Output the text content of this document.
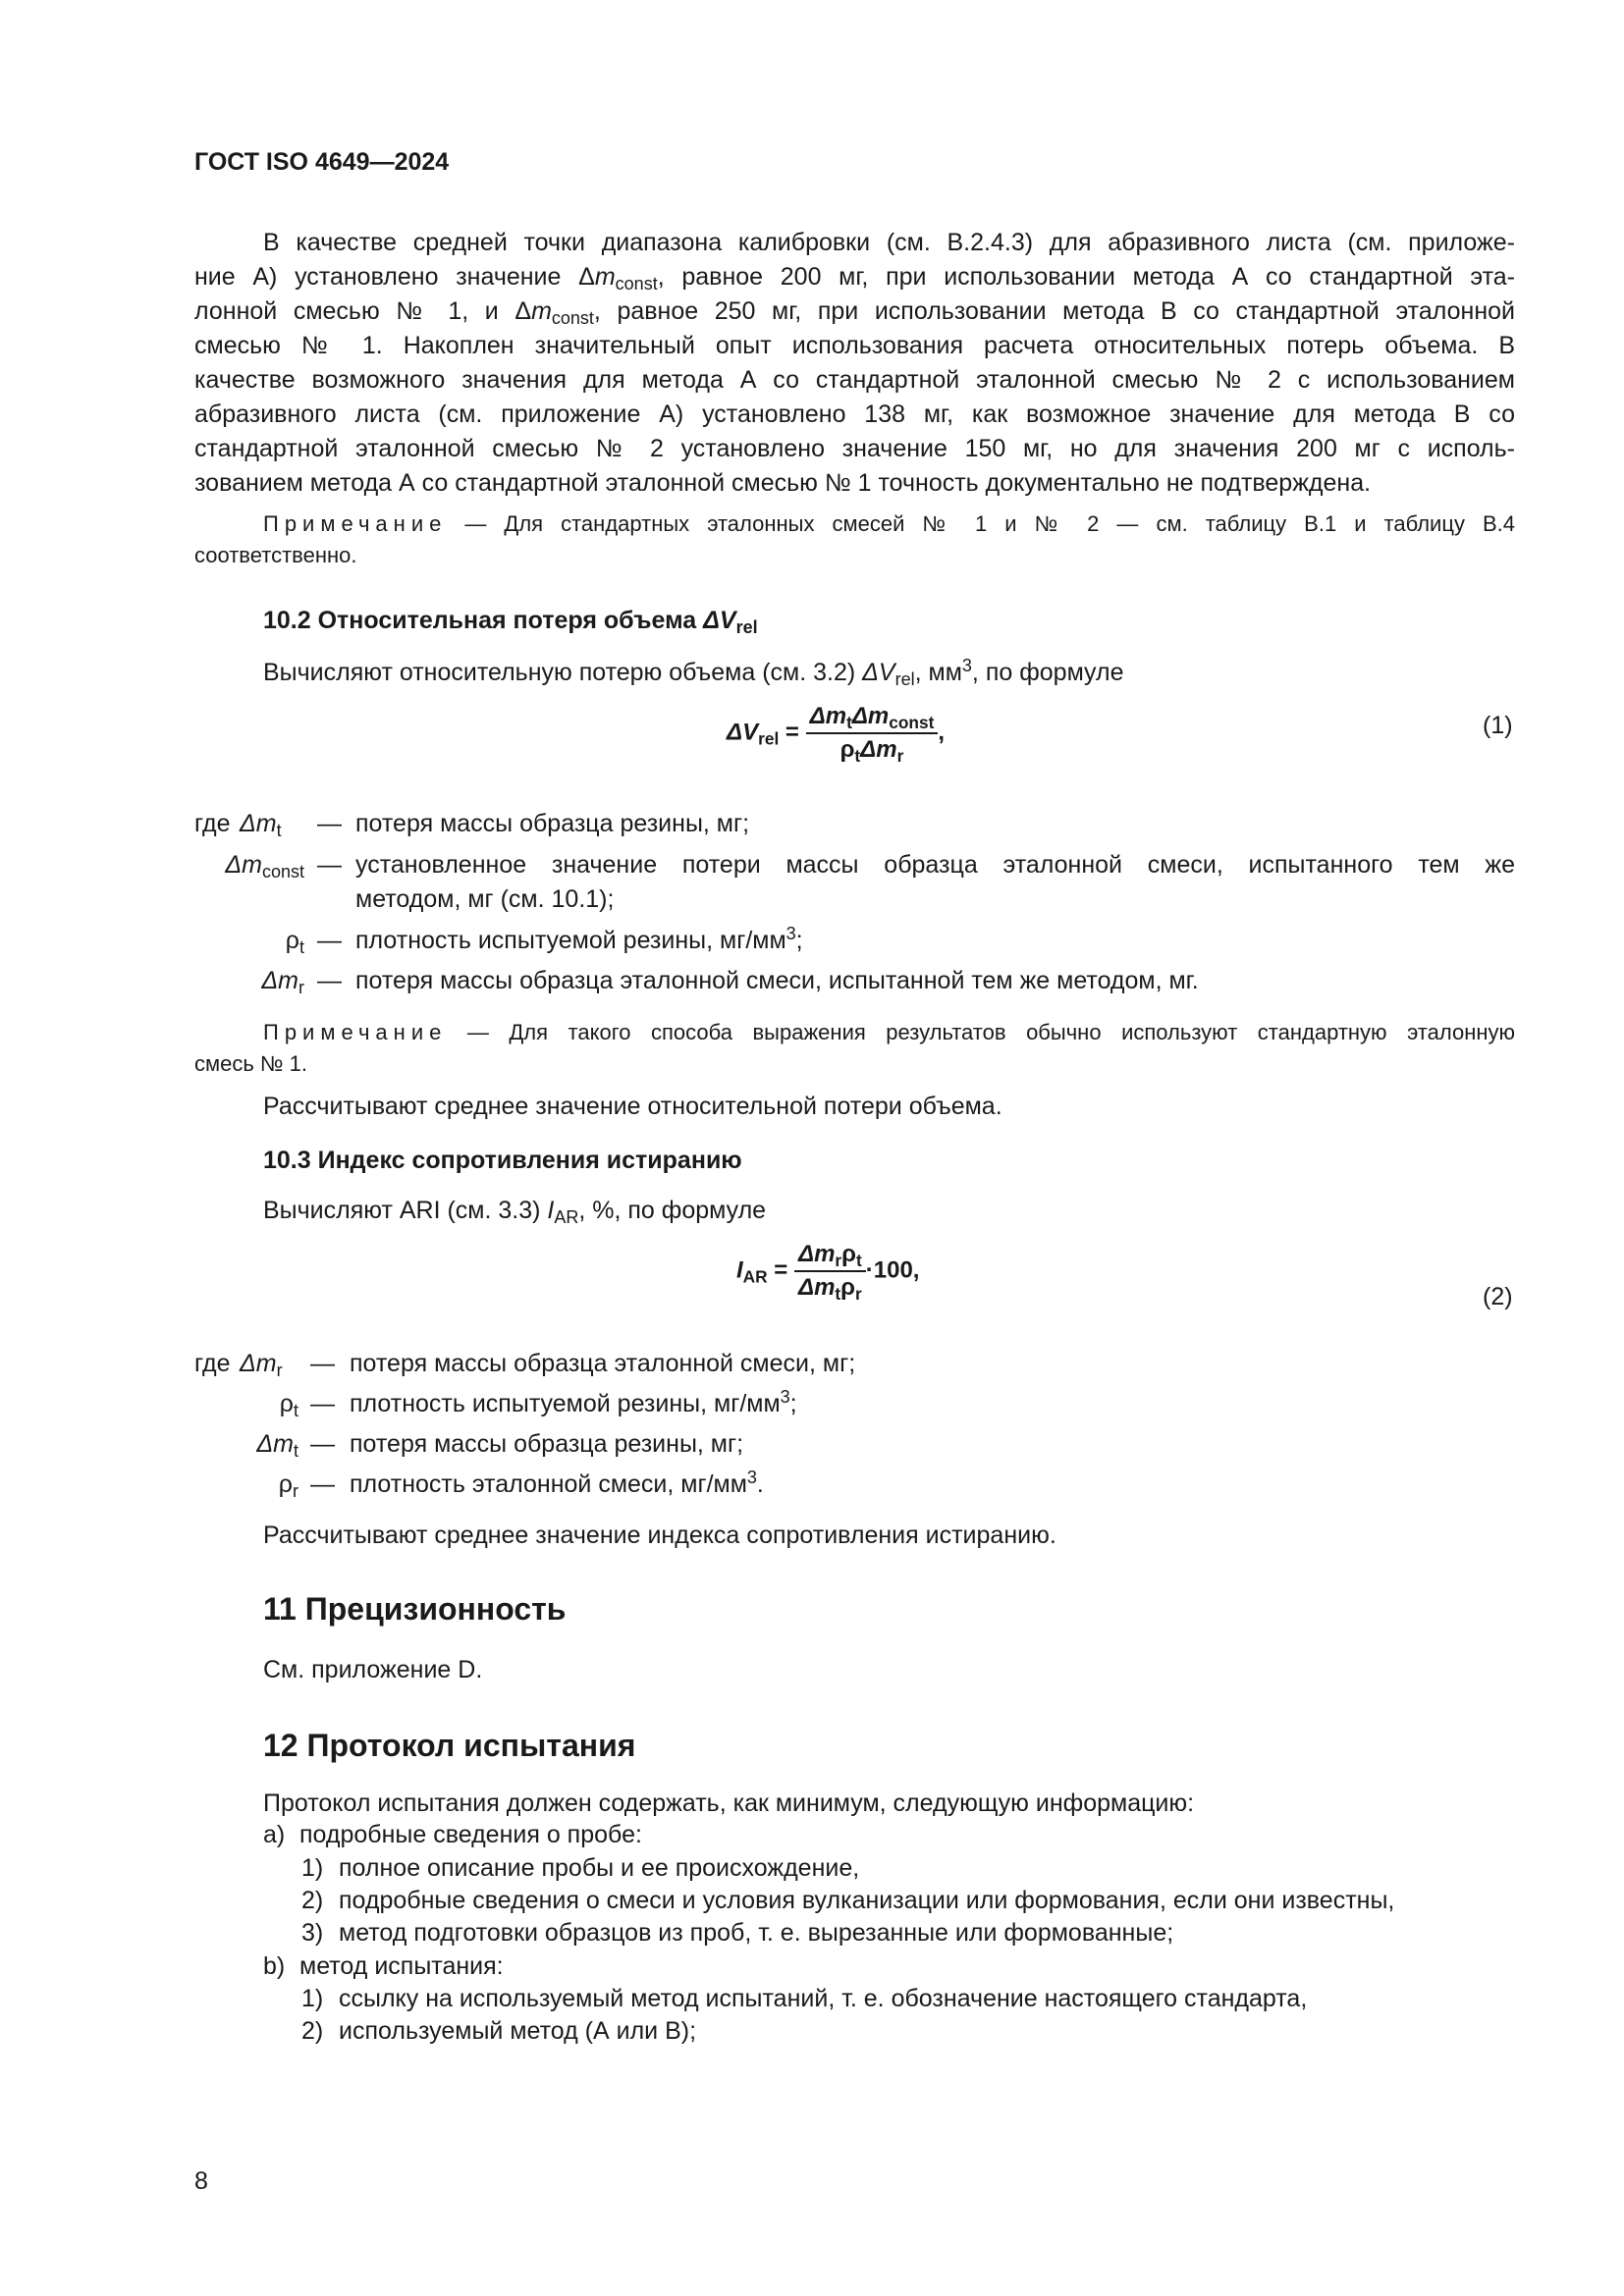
ГОСТ ISO 4649—2024
В качестве средней точки диапазона калибровки (см. В.2.4.3) для абразивного листа (см. приложе-
ние А) установлено значение $\Delta m_{const}$, равное 200 мг, при использовании метода А со стандартной эта-
лонной смесью № 1, и $\Delta m_{const}$, равное 250 мг, при использовании метода В со стандартной эталонной
смесью № 1. Накоплен значительный опыт использования расчета относительных потерь объема. В
качестве возможного значения для метода А со стандартной эталонной смесью № 2 с использованием
абразивного листа (см. приложение А) установлено 138 мг, как возможное значение для метода В со
стандартной эталонной смесью № 2 установлено значение 150 мг, но для значения 200 мг с исполь-
зованием метода А со стандартной эталонной смесью № 1 точность документально не подтверждена.
Примечание — Для стандартных эталонных смесей № 1 и № 2 — см. таблицу В.1 и таблицу В.4
соответственно.
10.2 Относительная потеря объема $\Delta V_{rel}$
Вычисляют относительную потерю объема (см. 3.2) $\Delta V_{rel}$, $мм^3$, по формуле
$\Delta V_{rel} = \frac{\Delta m_t\Delta m_{const}}{\rho_t\Delta m_r}$ ,	(1)
где $\Delta m_t$ — потеря массы образца резины, мг;
$\Delta m_{const}$ — установленное значение потери массы образца эталонной смеси, испытанного тем же
методом, мг (см. 10.1);
$\rho_t$ — плотность испытуемой резины, $мг/мм^3$;
$\Delta m_r$ — потеря массы образца эталонной смеси, испытанной тем же методом, мг.
Примечание — Для такого способа выражения результатов обычно используют стандартную эталонную
смесь № 1.
Рассчитывают среднее значение относительной потери объема.
10.3 Индекс сопротивления истиранию
Вычисляют ARI (см. 3.3) $I_{AR}$, %, по формуле
$I_{AR} = \frac{\Delta m_r\rho_t}{\Delta m_t\rho_r} \cdot 100$,
(2)
где $\Delta m_r$ — потеря массы образца эталонной смеси, мг;
$\rho_t$ — плотность испытуемой резины, $мг/мм^3$;
$\Delta m_t$ — потеря массы образца резины, мг;
$\rho_r$ — плотность эталонной смеси, $мг/мм^3$.
Рассчитывают среднее значение индекса сопротивления истиранию.
11 Прецизионность
См. приложение D.
12 Протокол испытания
Протокол испытания должен содержать, как минимум, следующую информацию:
a) подробные сведения о пробе:
1) полное описание пробы и ее происхождение,
2) подробные сведения о смеси и условия вулканизации или формования, если они известны,
3) метод подготовки образцов из проб, т. е. вырезанные или формованные;
b) метод испытания:
1) ссылку на используемый метод испытаний, т. е. обозначение настоящего стандарта,
2) используемый метод (А или В);
8
